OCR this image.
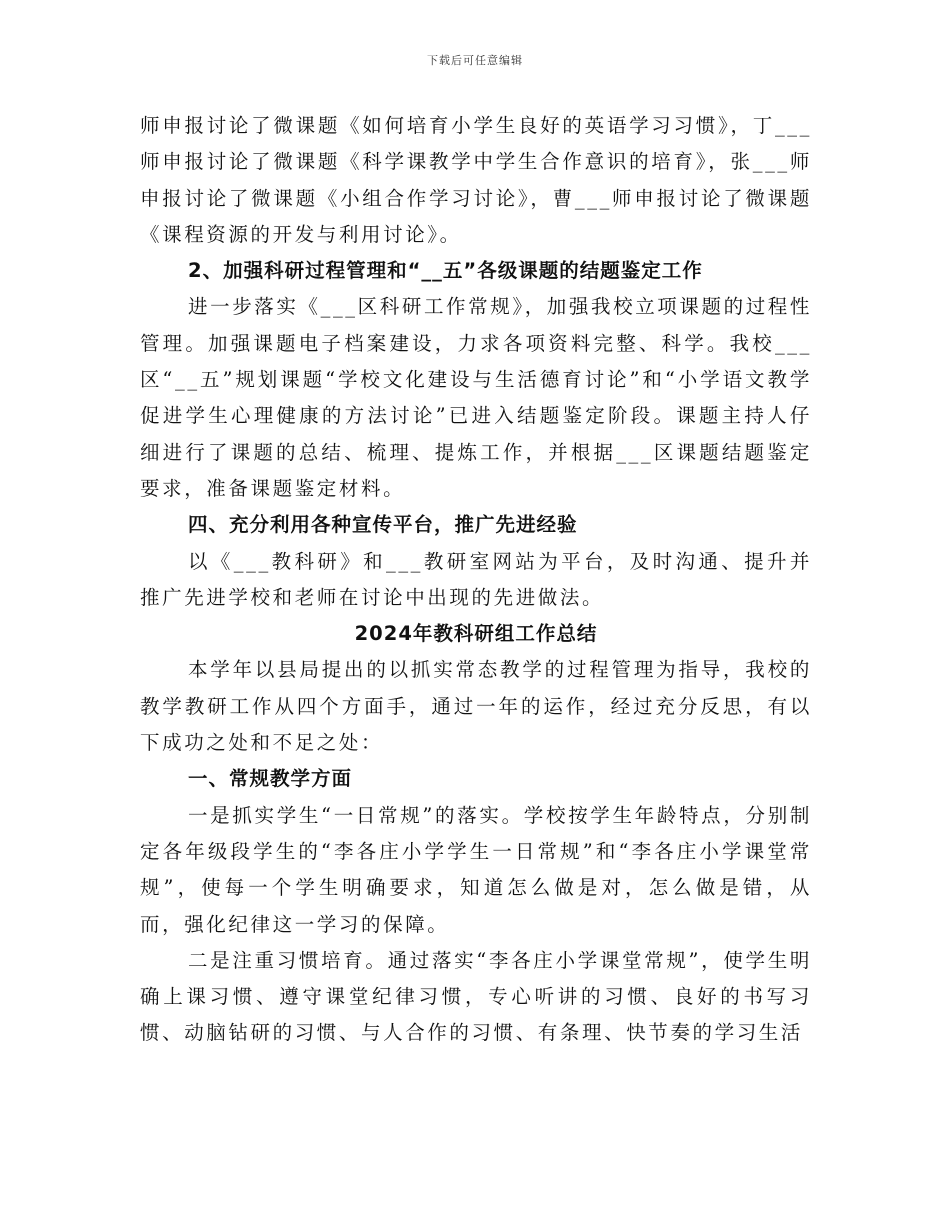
下载后可任意编辑

师申报讨论了微课题《如何培育小学生良好的英语学习习惯》，丁___师申报讨论了微课题《科学课教学中学生合作意识的培育》，张___师申报讨论了微课题《小组合作学习讨论》，曹___师申报讨论了微课题《课程资源的开发与利用讨论》。

2、加强科研过程管理和“__五”各级课题的结题鉴定工作

进一步落实《___区科研工作常规》，加强我校立项课题的过程性管理。加强课题电子档案建设，力求各项资料完整、科学。我校___区“__五”规划课题“学校文化建设与生活德育讨论”和“小学语文教学促进学生心理健康的方法讨论”已进入结题鉴定阶段。课题主持人仔细进行了课题的总结、梳理、提炼工作，并根据___区课题结题鉴定要求，准备课题鉴定材料。

四、充分利用各种宣传平台，推广先进经验

以《___教科研》和___教研室网站为平台，及时沟通、提升并推广先进学校和老师在讨论中出现的先进做法。

2024年教科研组工作总结

本学年以县局提出的以抓实常态教学的过程管理为指导，我校的教学教研工作从四个方面手，通过一年的运作，经过充分反思，有以下成功之处和不足之处：

一、常规教学方面

一是抓实学生“一日常规”的落实。学校按学生年龄特点，分别制定各年级段学生的“李各庄小学学生一日常规”和“李各庄小学课堂常规”，使每一个学生明确要求，知道怎么做是对，怎么做是错，从而，强化纪律这一学习的保障。

二是注重习惯培育。通过落实“李各庄小学课堂常规”，使学生明确上课习惯、遵守课堂纪律习惯，专心听讲的习惯、良好的书写习惯、动脑钻研的习惯、与人合作的习惯、有条理、快节奏的学习生活
